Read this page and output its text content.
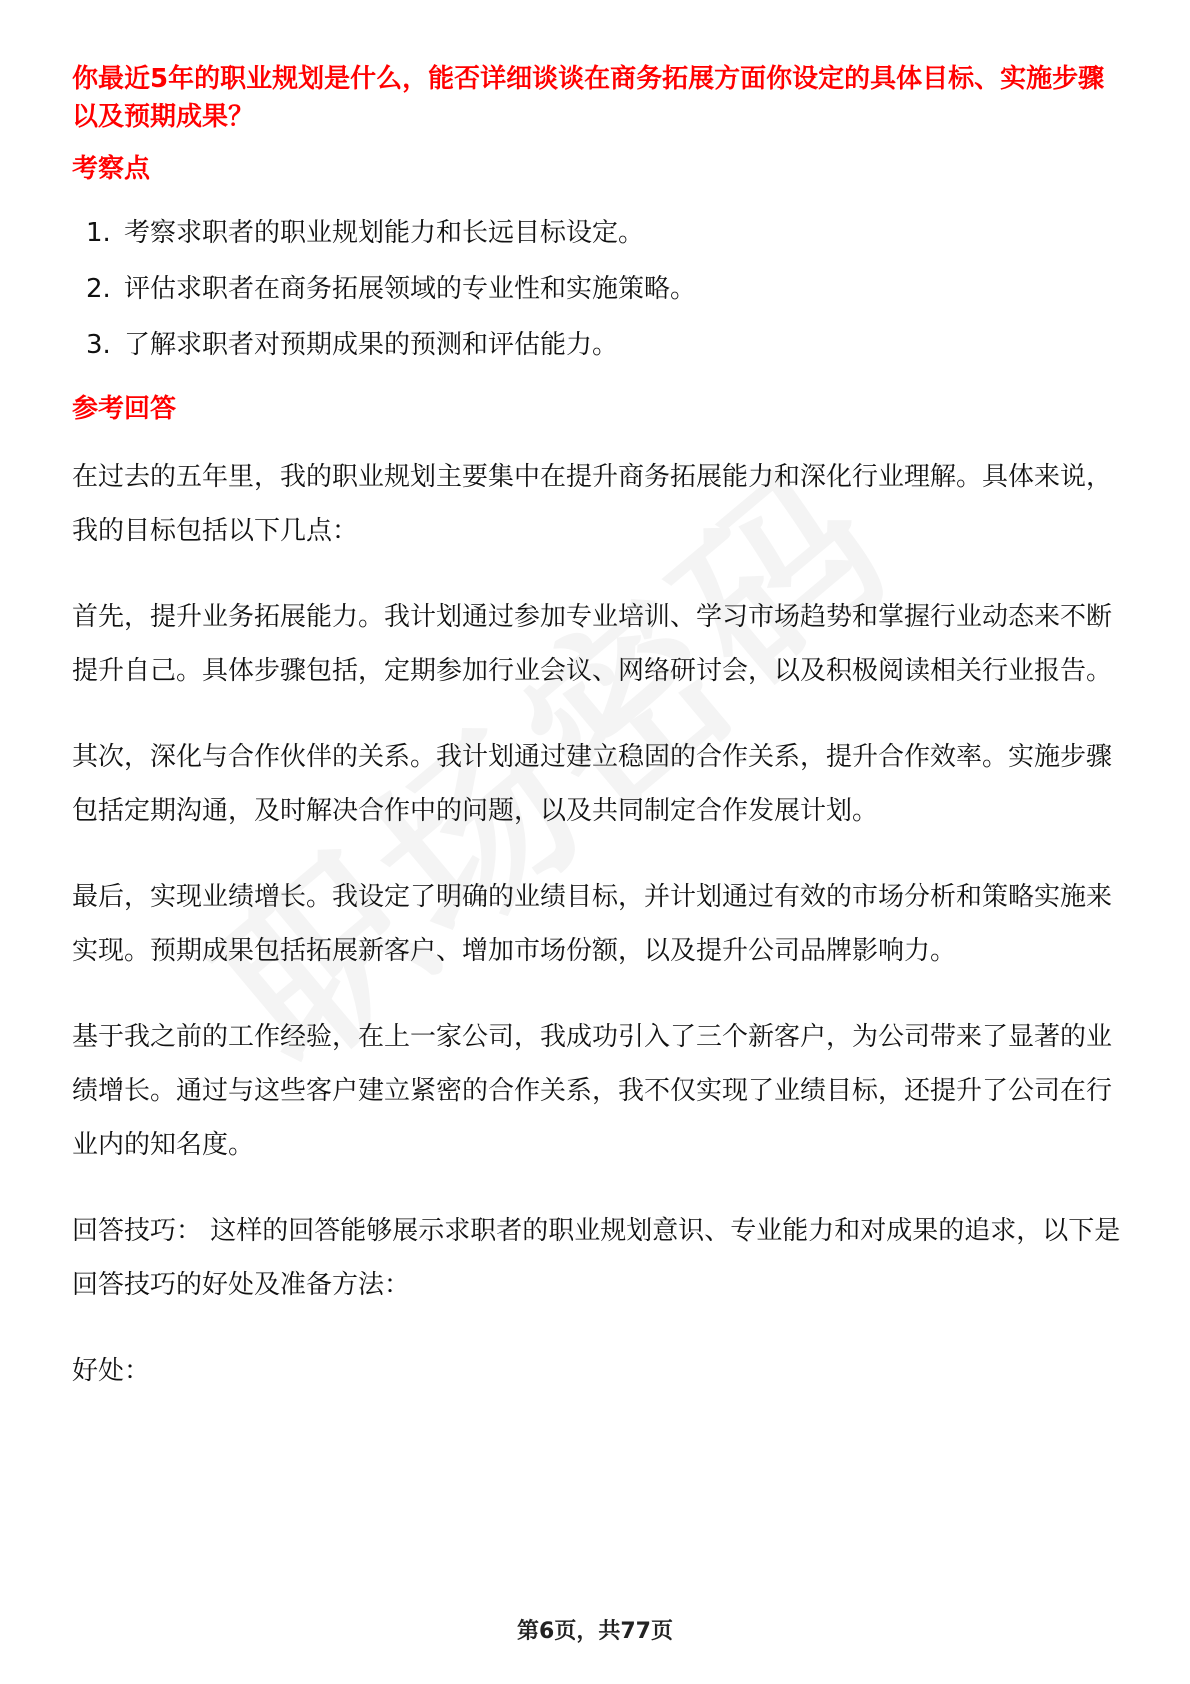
你最近5年的职业规划是什么，能否详细谈谈在商务拓展方面你设定的具体目标、实施步骤以及预期成果？

考察点
1. 考察求职者的职业规划能力和长远目标设定。
2. 评估求职者在商务拓展领域的专业性和实施策略。
3. 了解求职者对预期成果的预测和评估能力。
参考回答

在过去的五年里，我的职业规划主要集中在提升商务拓展能力和深化行业理解。具体来说，我的目标包括以下几点：

首先，提升业务拓展能力。我计划通过参加专业培训、学习市场趋势和掌握行业动态来不断提升自己。具体步骤包括，定期参加行业会议、网络研讨会，以及积极阅读相关行业报告。

其次，深化与合作伙伴的关系。我计划通过建立稳固的合作关系，提升合作效率。实施步骤包括定期沟通，及时解决合作中的问题，以及共同制定合作发展计划。

最后，实现业绩增长。我设定了明确的业绩目标，并计划通过有效的市场分析和策略实施来实现。预期成果包括拓展新客户、增加市场份额，以及提升公司品牌影响力。

基于我之前的工作经验，在上一家公司，我成功引入了三个新客户，为公司带来了显著的业绩增长。通过与这些客户建立紧密的合作关系，我不仅实现了业绩目标，还提升了公司在行业内的知名度。

回答技巧： 这样的回答能够展示求职者的职业规划意识、专业能力和对成果的追求，以下是回答技巧的好处及准备方法：

好处：

第6页，共77页
